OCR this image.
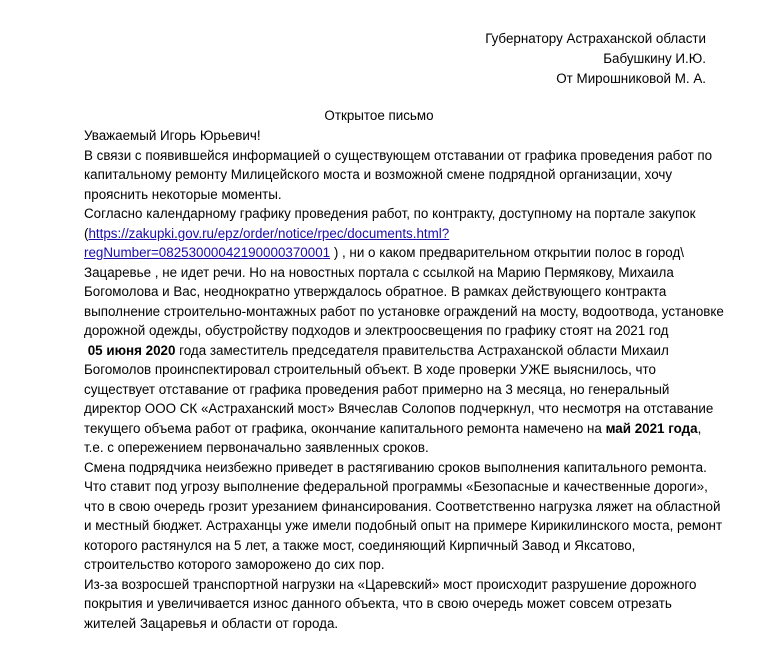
Губернатору Астраханской области
Бабушкину И.Ю.
От Мирошниковой М. А.
Открытое письмо

Уважаемый Игорь Юрьевич!

В связи с появившейся информацией о существующем отставании от графика проведения работ по капитальному ремонту Милицейского моста и возможной смене подрядной организации, хочу прояснить некоторые моменты.

Согласно календарному графику проведения работ, по контракту, доступному на портале закупок (https://zakupki.gov.ru/epz/order/notice/rpec/documents.html?
regNumber=08253000042190000370001 ) , ни о каком предварительном открытии полос в город\ Зацаревье , не идет речи. Но на новостных портала с ссылкой на Марию Пермякову, Михаила Богомолова и Вас, неоднократно утверждалось обратное. В рамках действующего контракта выполнение строительно-монтажных работ по установке ограждений на мосту, водоотвода, установке дорожной одежды, обустройству подходов и электроосвещения по графику стоят на 2021 год

05 июня 2020 года заместитель председателя правительства Астраханской области Михаил Богомолов проинспектировал строительный объект. В ходе проверки УЖЕ выяснилось, что существует отставание от графика проведения работ примерно на 3 месяца, но генеральный директор ООО СК «Астраханский мост» Вячеслав Солопов подчеркнул, что несмотря на отставание текущего объема работ от графика, окончание капитального ремонта намечено на май 2021 года, т.е. с опережением первоначально заявленных сроков.

Смена подрядчика неизбежно приведет в растягиванию сроков выполнения капитального ремонта. Что ставит под угрозу выполнение федеральной программы «Безопасные и качественные дороги», что в свою очередь грозит урезанием финансирования. Соответственно нагрузка ляжет на областной и местный бюджет. Астраханцы уже имели подобный опыт на примере Кирикилинского моста, ремонт которого растянулся на 5 лет, а также мост, соединяющий Кирпичный Завод и Яксатово, строительство которого заморожено до сих пор.

Из-за возросшей транспортной нагрузки на «Царевский» мост происходит разрушение дорожного покрытия и увеличивается износ данного объекта, что в свою очередь может совсем отрезать жителей Зацаревья и области от города.
